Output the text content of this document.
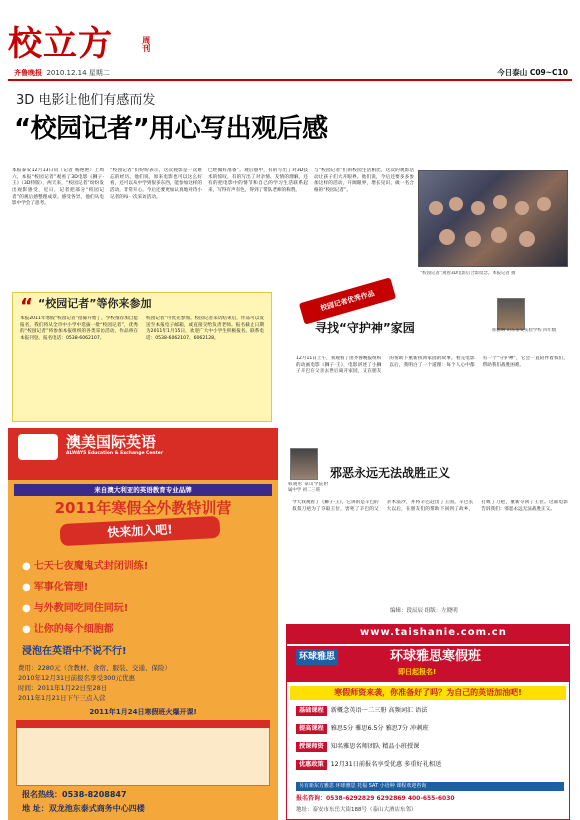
校立方	周刊
齐鲁晚报 2010.12.14 星期二	今日泰山 C09~C10
3D 电影让他们有感而发
“校园记者”用心写出观后感
本报泰安12月13日讯（记者 杨艳艳）上周六，本报“校园记者”观看了3D电影《狮子·王》（3D特版），两天来，“校园记者”纷纷发出观影感受，近日，记者把部分“校园记者”的观后感整理成章。感受各异，他们从电影中学会了思考。
“校园记者”们纷纷表示，这次观影是一次难忘的经历。他们说，原来电影也可以这么好看，还可以从中学到很多东西，能参加这样的活动，非常开心。今后还要更加认真地对待小记者的每一次采访活动。
已经做好准备”。观后感中，有的写出了对3D技术的惊叹，有的写出了对亲情、友情的理解，还有的把电影中的情节和自己的学习生活联系起来，写得有声有色，得到了带队老师的称赞。
与“校园记者”们的校园生活相比，这次的观影活动让孩子们大开眼界。他们说，今后还要多多参加这样的活动，开阔眼界，增长见识，做一名合格的“校园记者”。
“校园记者”观看3D电影后合影留念。本报记者 摄
校园记者优秀作品
“ “校园记者”等你来参加
本报2011年寒假“校园记者”招募开始了，学校推荐加自愿报名，我们将从全市中小学中选拔一批“校园记者”，优秀的“校园记者”将参加本报组织的各类采访活动，作品将在本报刊登。报名电话：0538-6062107。
校园记者”可优先参加。校园记者采访结束后，作品可以发送至本报电子邮箱，或直接交给负责老师。报名截止日期为2011年1月15日，欢迎广大中小学生积极报名。联系电话：0538-6062107、6062128。
寻找“守护神”家园	邢雅琳 山东泰安实验学校 四年级
12月11日上午，我观看了由齐鲁晚报组织的动画电影《狮子·王》，电影讲述了小狮子辛巴在父亲去世后离开家园，又在朋友的帮助下重新找回家园的故事。看完电影以后，我明白了一个道理：每个人心中都有一个“守护神”，它会一直陪伴着我们，帮助我们战胜困难。
韩晓彤 泰山学院附属中学 初二三班
邪恶永远无法战胜正义
今天我观看了《狮子·王》，它讲的是辛巴的叔叔刀疤为了夺取王位，害死了辛巴的父亲木法沙，并将辛巴赶出了王国。辛巴长大以后，在朋友们的帮助下回到了故乡，打败了刀疤，重新夺回了王位。这部电影告诉我们：邪恶永远无法战胜正义。
编辑：段辰辰 组版：左晓明
澳美国际英语
ALWAYS Education & Exchange Center
来自澳大利亚的英语教育专业品牌
2011年寒假全外教特训营
快来加入吧!
● 七天七夜魔鬼式封闭训练!
● 军事化管理!
● 与外教同吃同住同玩!
● 让你的每个细胞都
浸泡在英语中不说不行!
费用：2280元（含教材、食宿、服装、交通、保险）
2010年12月31日前报名享受300元优惠
时间：2011年1月22日至28日
2011年1月21日下午三点入营
2011年1月24日寒假班火爆开课!
报名热线：0538-8208847
地 址：双龙池东泰式商务中心四楼
www.taishanie.com.cn
环球雅思	环球雅思寒假班
即日起报名!
寒假师资来袭，你准备好了吗？为自己的英语加油吧!
基础课程 新概念英语一二三册 高频词汇 语法
提高课程 雅思5分 雅思6.5分 雅思7分 冲刺班
授课师资 知名雅思名师团队 精品小班授课
优惠政策 12月31日前报名享受优惠 多重好礼相送
另有新东方雅思 环球雅思 托福 SAT 小语种 课程欢迎咨询
报名咨询：0538-6292829 6292869 400-655-6030
地址：泰安市东岳大街188号（泰山大酒店东邻）
